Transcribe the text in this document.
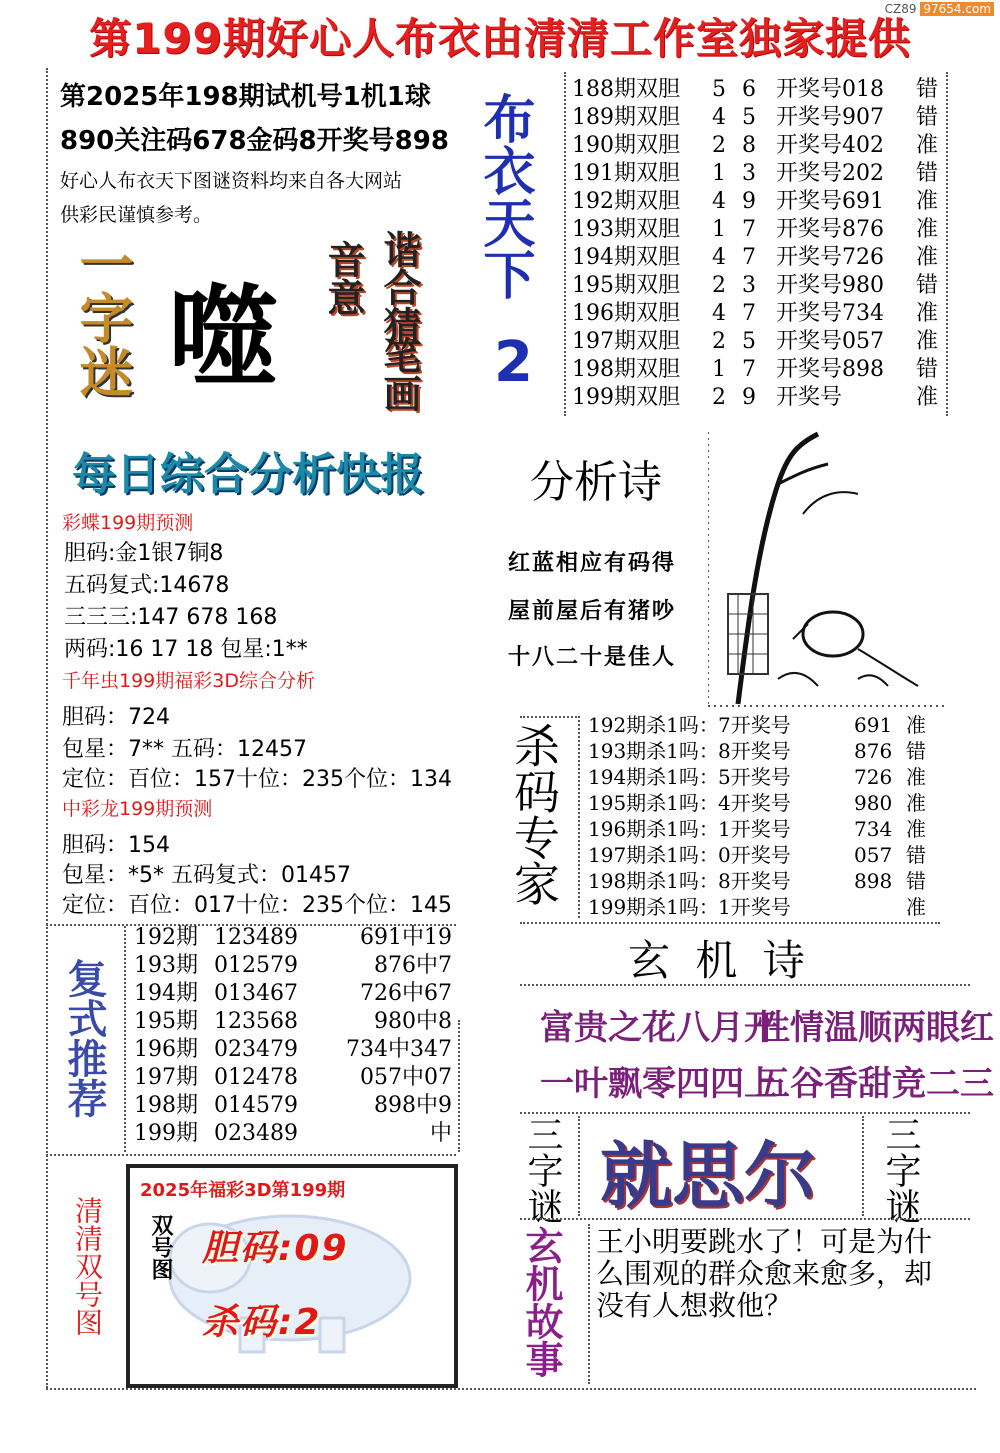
CZ89 97654.com
第199期好心人布衣由清清工作室独家提供
第2025年198期试机号1机1球
890关注码678金码8开奖号898
好心人布衣天下图谜资料均来自各大网站
供彩民谨慎参考。	布衣天下
2
一字迷 噬	谐合猜
笔画
音意
188期双胆	5 6 开奖号018	错
189期双胆	4 5 开奖号907	错
190期双胆	2 8 开奖号402	准
191期双胆	1 3 开奖号202	错
192期双胆	4 9 开奖号691	准
193期双胆	1 7 开奖号876	准
194期双胆	4 7 开奖号726	准
195期双胆	2 3 开奖号980	错
196期双胆	4 7 开奖号734	准
197期双胆	2 5 开奖号057	准
198期双胆	1 7 开奖号898	错
199期双胆	2 9 开奖号	准
每日综合分析快报
彩蝶199期预测
胆码:金1银7铜8
五码复式:14678
三三三:147 678 168
两码:16 17 18 包星:1**
千年虫199期福彩3D综合分析
胆码：724
包星：7** 五码：12457
定位：百位：157十位：235个位：134
中彩龙199期预测
胆码：154
包星：*5* 五码复式：01457
定位：百位：017十位：235个位：145
分析诗
红蓝相应有码得
屋前屋后有猪吵
十八二十是佳人
杀码专家 192期杀1吗： 7开奖号	691 准
193期杀1吗： 8开奖号	876 错
194期杀1吗： 5开奖号	726 准
195期杀1吗： 4开奖号	980 准
196期杀1吗： 1开奖号	734 准
197期杀1吗： 0开奖号	057 错
198期杀1吗： 8开奖号	898 错
199期杀1吗： 1开奖号	准
复式推荐
192期 123489	691中19
193期 012579	876中7
194期 013467	726中67
195期 123568	980中8
196期 023479	734中347
197期 012478	057中07
198期 014579	898中9
199期 023489	中
玄 机 诗
富贵之花八月开
性情温顺两眼红
一叶飘零四四上
五谷香甜竞二三
三字谜 就思尔 三字谜
玄机故事 王小明要跳水了！可是为什么围观的群众愈来愈多，却没有人想救他？
清清双号图
2025年福彩3D第199期
双号图 胆码:09
杀码:2
